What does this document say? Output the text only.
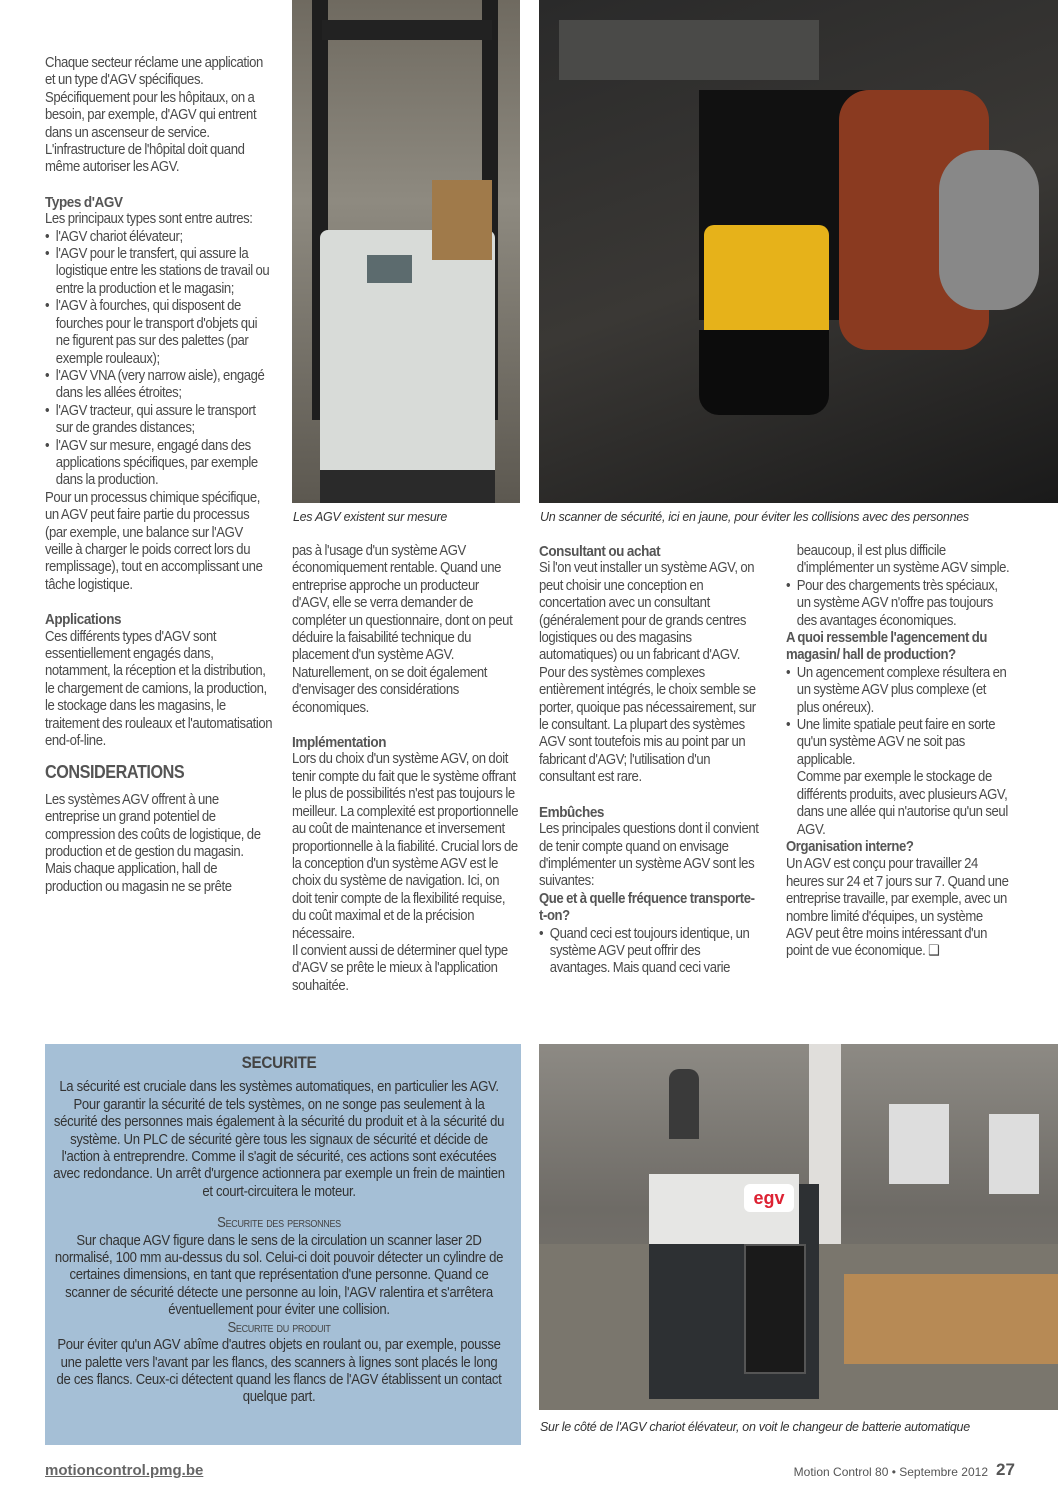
Chaque secteur réclame une application et un type d'AGV spécifiques. Spécifiquement pour les hôpitaux, on a besoin, par exemple, d'AGV qui entrent dans un ascenseur de service. L'infrastructure de l'hôpital doit quand même autoriser les AGV.

Types d'AGV

Les principaux types sont entre autres:

• l'AGV chariot élévateur;
• l'AGV pour le transfert, qui assure la logistique entre les stations de travail ou entre la production et le magasin;
• l'AGV à fourches, qui disposent de fourches pour le transport d'objets qui ne figurent pas sur des palettes (par exemple rouleaux);
• l'AGV VNA (very narrow aisle), engagé dans les allées étroites;
• l'AGV tracteur, qui assure le transport sur de grandes distances;
• l'AGV sur mesure, engagé dans des applications spécifiques, par exemple dans la production.

Pour un processus chimique spécifique, un AGV peut faire partie du processus (par exemple, une balance sur l'AGV veille à charger le poids correct lors du remplissage), tout en accomplissant une tâche logistique.

Applications

Ces différents types d'AGV sont essentiellement engagés dans, notamment, la réception et la distribution, le chargement de camions, la production, le stockage dans les magasins, le traitement des rouleaux et l'automatisation end-of-line.

CONSIDERATIONS

Les systèmes AGV offrent à une entreprise un grand potentiel de compression des coûts de logistique, de production et de gestion du magasin.

Mais chaque application, hall de production ou magasin ne se prête

Les AGV existent sur mesure	Un scanner de sécurité, ici en jaune, pour éviter les collisions avec des personnes

pas à l'usage d'un système AGV économiquement rentable. Quand une entreprise approche un producteur d'AGV, elle se verra demander de compléter un questionnaire, dont on peut déduire la faisabilité technique du placement d'un système AGV. Naturellement, on se doit également d'envisager des considérations économiques.

Implémentation

Lors du choix d'un système AGV, on doit tenir compte du fait que le système offrant le plus de possibilités n'est pas toujours le meilleur. La complexité est proportionnelle au coût de maintenance et inversement proportionnelle à la fiabilité. Crucial lors de la conception d'un système AGV est le choix du système de navigation. Ici, on doit tenir compte de la flexibilité requise, du coût maximal et de la précision nécessaire.

Il convient aussi de déterminer quel type d'AGV se prête le mieux à l'application souhaitée.

Consultant ou achat

Si l'on veut installer un système AGV, on peut choisir une conception en concertation avec un consultant (généralement pour de grands centres logistiques ou des magasins automatiques) ou un fabricant d'AGV.

Pour des systèmes complexes entièrement intégrés, le choix semble se porter, quoique pas nécessairement, sur le consultant. La plupart des systèmes AGV sont toutefois mis au point par un fabricant d'AGV; l'utilisation d'un consultant est rare.

Embûches

Les principales questions dont il convient de tenir compte quand on envisage d'implémenter un système AGV sont les suivantes:

Que et à quelle fréquence transporte-t-on?
• Quand ceci est toujours identique, un système AGV peut offrir des avantages. Mais quand ceci varie

beaucoup, il est plus difficile d'implémenter un système AGV simple.

• Pour des chargements très spéciaux, un système AGV n'offre pas toujours des avantages économiques.
A quoi ressemble l'agencement du magasin/ hall de production?
• Un agencement complexe résultera en un système AGV plus complexe (et plus onéreux).
• Une limite spatiale peut faire en sorte qu'un système AGV ne soit pas applicable.

Comme par exemple le stockage de différents produits, avec plusieurs AGV, dans une allée qui n'autorise qu'un seul AGV.

Organisation interne?

Un AGV est conçu pour travailler 24 heures sur 24 et 7 jours sur 7. Quand une entreprise travaille, par exemple, avec un nombre limité d'équipes, un système AGV peut être moins intéressant d'un point de vue économique. ❑

SECURITE

La sécurité est cruciale dans les systèmes automatiques, en particulier les AGV. Pour garantir la sécurité de tels systèmes, on ne songe pas seulement à la sécurité des personnes mais également à la sécurité du produit et à la sécurité du système. Un PLC de sécurité gère tous les signaux de sécurité et décide de l'action à entreprendre. Comme il s'agit de sécurité, ces actions sont exécutées avec redondance. Un arrêt d'urgence actionnera par exemple un frein de maintien et court-circuitera le moteur.

Securite des personnes

Sur chaque AGV figure dans le sens de la circulation un scanner laser 2D normalisé, 100 mm au-dessus du sol. Celui-ci doit pouvoir détecter un cylindre de certaines dimensions, en tant que représentation d'une personne. Quand ce scanner de sécurité détecte une personne au loin, l'AGV ralentira et s'arrêtera éventuellement pour éviter une collision.

Securite du produit

Pour éviter qu'un AGV abîme d'autres objets en roulant ou, par exemple, pousse une palette vers l'avant par les flancs, des scanners à lignes sont placés le long de ces flancs. Ceux-ci détectent quand les flancs de l'AGV établissent un contact quelque part.

egv
Sur le côté de l'AGV chariot élévateur, on voit le changeur de batterie automatique
motioncontrol.pmg.be	Motion Control 80 • Septembre 2012 27
